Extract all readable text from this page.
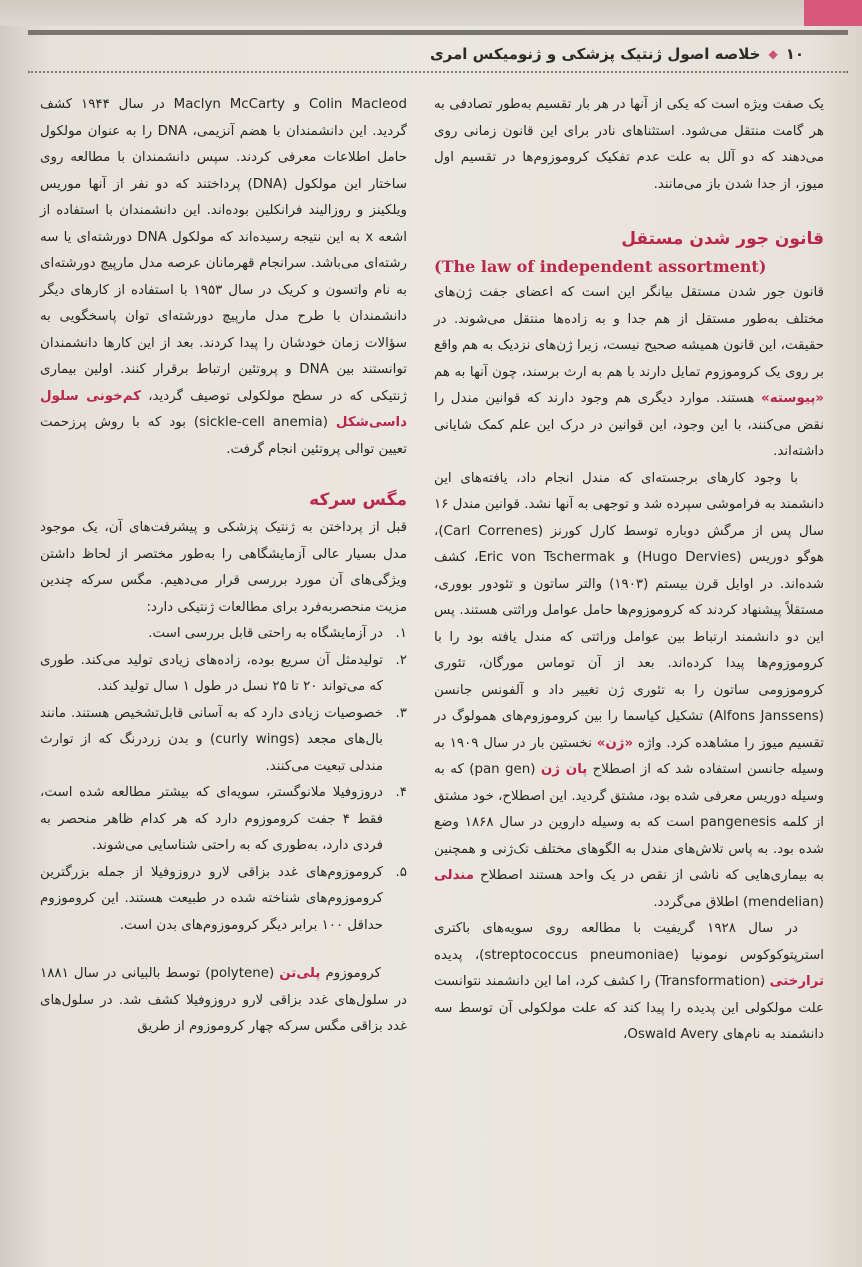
۱۰
◆
خلاصه اصول ژنتیک پزشکی و ژنومیکس امری

یک صفت ویژه است که یکی از آنها در هر بار تقسیم به‌طور تصادفی به هر گامت منتقل می‌شود. استثناهای نادر برای این قانون زمانی روی می‌دهند که دو آلل به علت عدم تفکیک کروموزوم‌ها در تقسیم اول میوز، از جدا شدن باز می‌مانند.

قانون جور شدن مستقل

(The law of independent assortment)

قانون جور شدن مستقل بیانگر این است که اعضای جفت ژن‌های مختلف به‌طور مستقل از هم جدا و به زاده‌ها منتقل می‌شوند. در حقیقت، این قانون همیشه صحیح نیست، زیرا ژن‌های نزدیک به هم واقع بر روی یک کروموزوم تمایل دارند با هم به ارث برسند، چون آنها به هم «پیوسته» هستند. موارد دیگری هم وجود دارند که قوانین مندل را نقض می‌کنند، با این وجود، این قوانین در درک این علم کمک شایانی داشته‌اند.

با وجود کارهای برجسته‌ای که مندل انجام داد، یافته‌های این دانشمند به فراموشی سپرده شد و توجهی به آنها نشد. قوانین مندل ۱۶ سال پس از مرگش دوباره توسط کارل کورنز (Carl Correnes)، هوگو دوریس (Hugo Dervies) و Eric von Tschermak، کشف شده‌اند. در اوایل قرن بیستم (۱۹۰۳) والتر ساتون و تئودور بووری، مستقلاً پیشنهاد کردند که کروموزوم‌ها حامل عوامل وراثتی هستند. پس این دو دانشمند ارتباط بین عوامل وراثتی که مندل یافته بود را با کروموزوم‌ها پیدا کرده‌اند. بعد از آن توماس مورگان، تئوری کروموزومی ساتون را به تئوری ژن تغییر داد و آلفونس جانسن (Alfons Janssens) تشکیل کیاسما را بین کروموزوم‌های همولوگ در تقسیم میوز را مشاهده کرد. واژه «ژن» نخستین بار در سال ۱۹۰۹ به وسیله جانسن استفاده شد که از اصطلاح پان ژن (pan gen) که به وسیله دوریس معرفی شده بود، مشتق گردید. این اصطلاح، خود مشتق از کلمه pangenesis است که به وسیله داروین در سال ۱۸۶۸ وضع شده بود. به پاس تلاش‌های مندل به الگوهای مختلف تک‌ژنی و همچنین به بیماری‌هایی که ناشی از نقص در یک واحد هستند اصطلاح مندلی (mendelian) اطلاق می‌گردد.

در سال ۱۹۲۸ گریفیت با مطالعه روی سویه‌های باکتری استرپتوکوکوس نومونیا (streptococcus pneumoniae)، پدیده ترارختی (Transformation) را کشف کرد، اما این دانشمند نتوانست علت مولکولی این پدیده را پیدا کند که علت مولکولی آن توسط سه دانشمند به نام‌های Oswald Avery،

Colin Macleod و Maclyn McCarty در سال ۱۹۴۴ کشف گردید. این دانشمندان با هضم آنزیمی، DNA را به عنوان مولکول حامل اطلاعات معرفی کردند. سپس دانشمندان با مطالعه روی ساختار این مولکول (DNA) پرداختند که دو نفر از آنها موریس ویلکینز و روزالیند فرانکلین بوده‌اند. این دانشمندان با استفاده از اشعه x به این نتیجه رسیده‌اند که مولکول DNA دورشته‌ای یا سه رشته‌ای می‌باشد. سرانجام قهرمانان عرصه مدل مارپیچ دورشته‌ای به نام واتسون و کریک در سال ۱۹۵۳ با استفاده از کارهای دیگر دانشمندان با طرح مدل مارپیچ دورشته‌ای توان پاسخگویی به سؤالات زمان خودشان را پیدا کردند. بعد از این کارها دانشمندان توانستند بین DNA و پروتئین ارتباط برقرار کنند. اولین بیماری ژنتیکی که در سطح مولکولی توصیف گردید، کم‌خونی سلول داسی‌شکل (sickle-cell anemia) بود که با روش پرزحمت تعیین توالی پروتئین انجام گرفت.

مگس سرکه

قبل از پرداختن به ژنتیک پزشکی و پیشرفت‌های آن، یک موجود مدل بسیار عالی آزمایشگاهی را به‌طور مختصر از لحاظ داشتن ویژگی‌های آن مورد بررسی قرار می‌دهیم. مگس سرکه چندین مزیت منحصربه‌فرد برای مطالعات ژنتیکی دارد:

۱.
در آزمایشگاه به راحتی قابل بررسی است.
۲.
تولیدمثل آن سریع بوده، زاده‌های زیادی تولید می‌کند. طوری که می‌تواند ۲۰ تا ۲۵ نسل در طول ۱ سال تولید کند.
۳.
خصوصیات زیادی دارد که به آسانی قابل‌تشخیص هستند. مانند بال‌های مجعد (curly wings) و بدن زردرنگ که از توارث مندلی تبعیت می‌کنند.
۴.
دروزوفیلا ملانوگستر، سویه‌ای که بیشتر مطالعه شده است، فقط ۴ جفت کروموزوم دارد که هر کدام ظاهر منحصر به فردی دارد، به‌طوری که به راحتی شناسایی می‌شوند.
۵.
کروموزوم‌های غدد بزاقی لارو دروزوفیلا از جمله بزرگترین کروموزوم‌های شناخته شده در طبیعت هستند. این کروموزوم حداقل ۱۰۰ برابر دیگر کروموزوم‌های بدن است.

کروموزوم پلی‌تن (polytene) توسط بالبیانی در سال ۱۸۸۱ در سلول‌های غدد بزاقی لارو دروزوفیلا کشف شد. در سلول‌های غدد بزاقی مگس سرکه چهار کروموزوم از طریق
